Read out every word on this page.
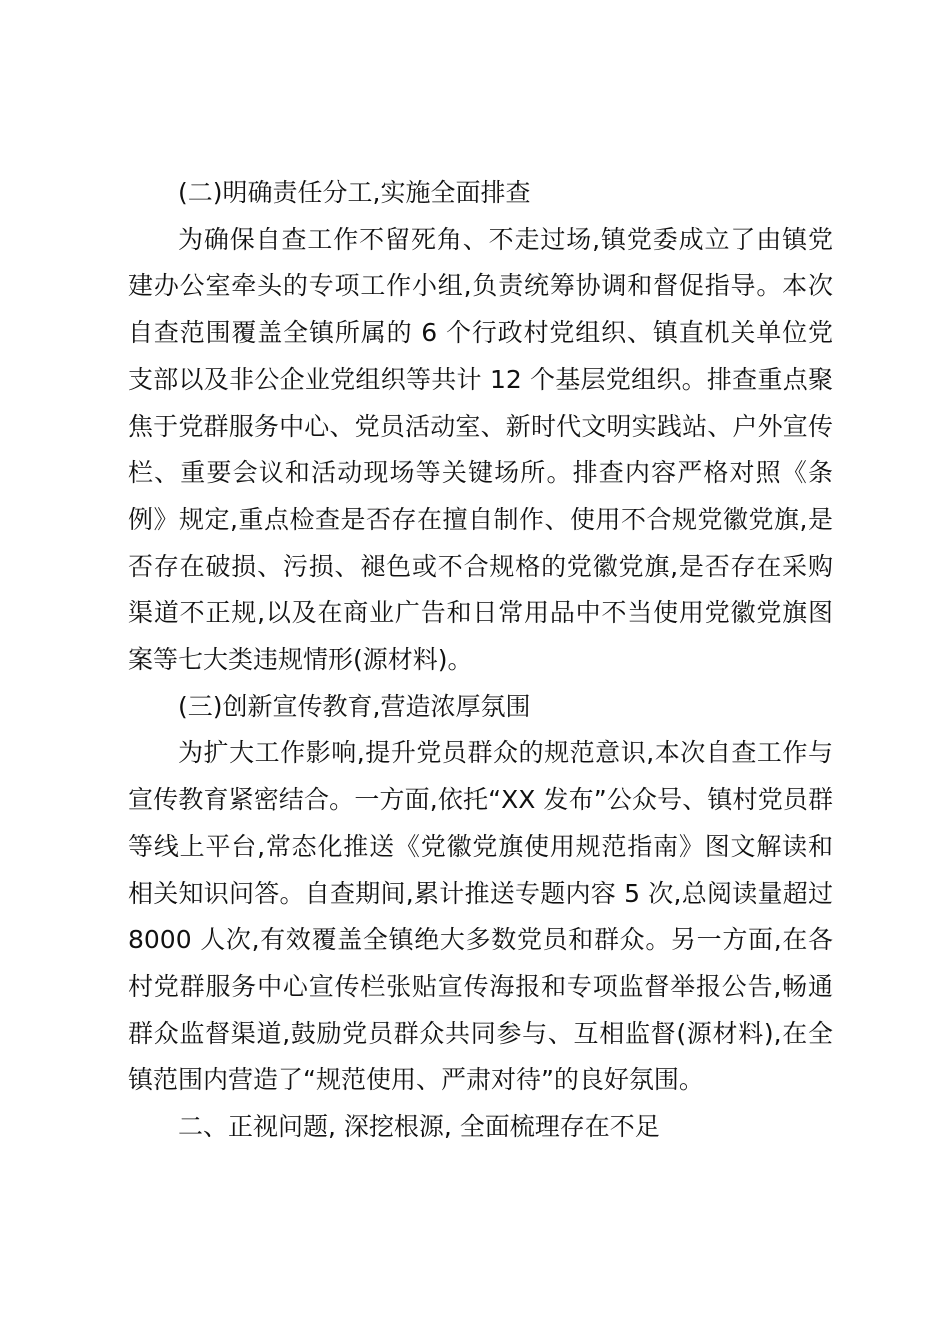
(二)明确责任分工,实施全面排查

为确保自查工作不留死角、不走过场,镇党委成立了由镇党建办公室牵头的专项工作小组,负责统筹协调和督促指导。本次自查范围覆盖全镇所属的 6 个行政村党组织、镇直机关单位党支部以及非公企业党组织等共计 12 个基层党组织。排查重点聚焦于党群服务中心、党员活动室、新时代文明实践站、户外宣传栏、重要会议和活动现场等关键场所。排查内容严格对照《条例》规定,重点检查是否存在擅自制作、使用不合规党徽党旗,是否存在破损、污损、褪色或不合规格的党徽党旗,是否存在采购渠道不正规,以及在商业广告和日常用品中不当使用党徽党旗图案等七大类违规情形(源材料)。

(三)创新宣传教育,营造浓厚氛围

为扩大工作影响,提升党员群众的规范意识,本次自查工作与宣传教育紧密结合。一方面,依托“XX 发布”公众号、镇村党员群等线上平台,常态化推送《党徽党旗使用规范指南》图文解读和相关知识问答。自查期间,累计推送专题内容 5 次,总阅读量超过 8000 人次,有效覆盖全镇绝大多数党员和群众。另一方面,在各村党群服务中心宣传栏张贴宣传海报和专项监督举报公告,畅通群众监督渠道,鼓励党员群众共同参与、互相监督(源材料),在全镇范围内营造了“规范使用、严肃对待”的良好氛围。

二、正视问题, 深挖根源, 全面梳理存在不足
